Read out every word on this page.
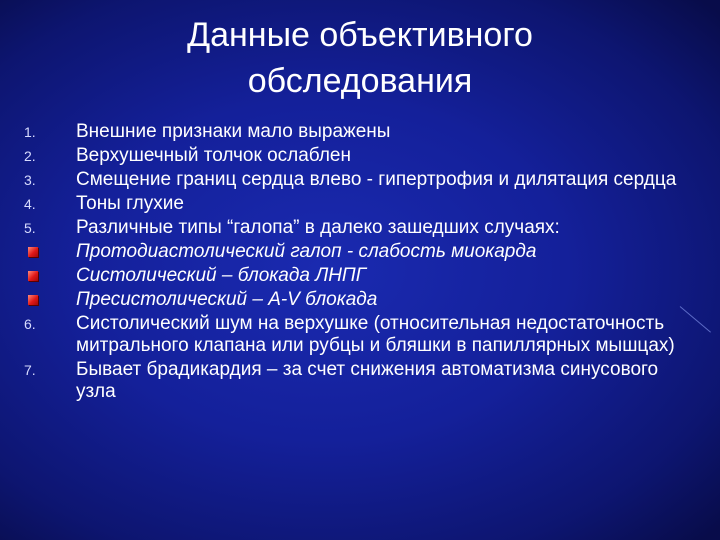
Данные объективного
обследования
1.	Внешние признаки мало выражены
2.	Верхушечный толчок ослаблен
3.	Смещение границ сердца влево - гипертрофия и дилятация сердца
4.	Тоны глухие
5.	Различные типы “галопа” в далеко зашедших случаях:
Протодиастолический галоп - слабость миокарда
Систолический – блокада ЛНПГ
Пресистолический – А-V блокада
6.	Систолический шум на верхушке (относительная недостаточность митрального клапана или рубцы и бляшки в папиллярных мышцах)
7.	Бывает брадикардия – за счет снижения автоматизма синусового узла
